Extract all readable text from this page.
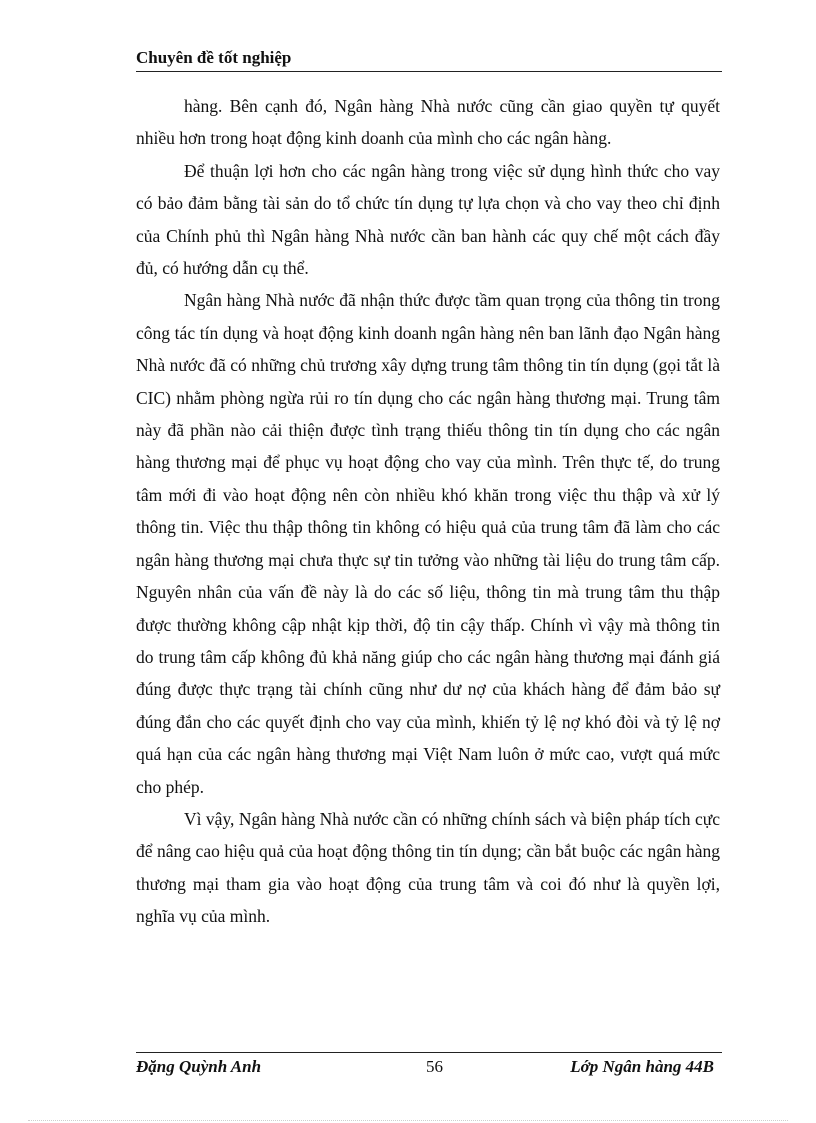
Chuyên đề tốt nghiệp

hàng. Bên cạnh đó, Ngân hàng Nhà nước cũng cần giao quyền tự quyết nhiều hơn trong hoạt động kinh doanh của mình cho các ngân hàng.

Để thuận lợi hơn cho các ngân hàng trong việc sử dụng hình thức cho vay có bảo đảm bằng tài sản do tổ chức tín dụng tự lựa chọn và cho vay theo chỉ định của Chính phủ thì Ngân hàng Nhà nước cần ban hành các quy chế một cách đầy đủ, có hướng dẫn cụ thể.

Ngân hàng Nhà nước đã nhận thức được tầm quan trọng của thông tin trong công tác tín dụng và hoạt động kinh doanh ngân hàng nên ban lãnh đạo Ngân hàng Nhà nước đã có những chủ trương xây dựng trung tâm thông tin tín dụng (gọi tắt là CIC) nhằm phòng ngừa rủi ro tín dụng cho các ngân hàng thương mại. Trung tâm này đã phần nào cải thiện được tình trạng thiếu thông tin tín dụng cho các ngân hàng thương mại để phục vụ hoạt động cho vay của mình. Trên thực tế, do trung tâm mới đi vào hoạt động nên còn nhiều khó khăn trong việc thu thập và xử lý thông tin. Việc thu thập thông tin không có hiệu quả của trung tâm đã làm cho các ngân hàng thương mại chưa thực sự tin tưởng vào những tài liệu do trung tâm cấp. Nguyên nhân của vấn đề này là do các số liệu, thông tin mà trung tâm thu thập được thường không cập nhật kịp thời, độ tin cậy thấp. Chính vì vậy mà thông tin do trung tâm cấp không đủ khả năng giúp cho các ngân hàng thương mại đánh giá đúng được thực trạng tài chính cũng như dư nợ của khách hàng để đảm bảo sự đúng đắn cho các quyết định cho vay của mình, khiến tỷ lệ nợ khó đòi và tỷ lệ nợ quá hạn của các ngân hàng thương mại Việt Nam luôn ở mức cao, vượt quá mức cho phép.

Vì vậy, Ngân hàng Nhà nước cần có những chính sách và biện pháp tích cực để nâng cao hiệu quả của hoạt động thông tin tín dụng; cần bắt buộc các ngân hàng thương mại tham gia vào hoạt động của trung tâm và coi đó như là quyền lợi, nghĩa vụ của mình.

Đặng Quỳnh Anh	56	Lớp Ngân hàng 44B
